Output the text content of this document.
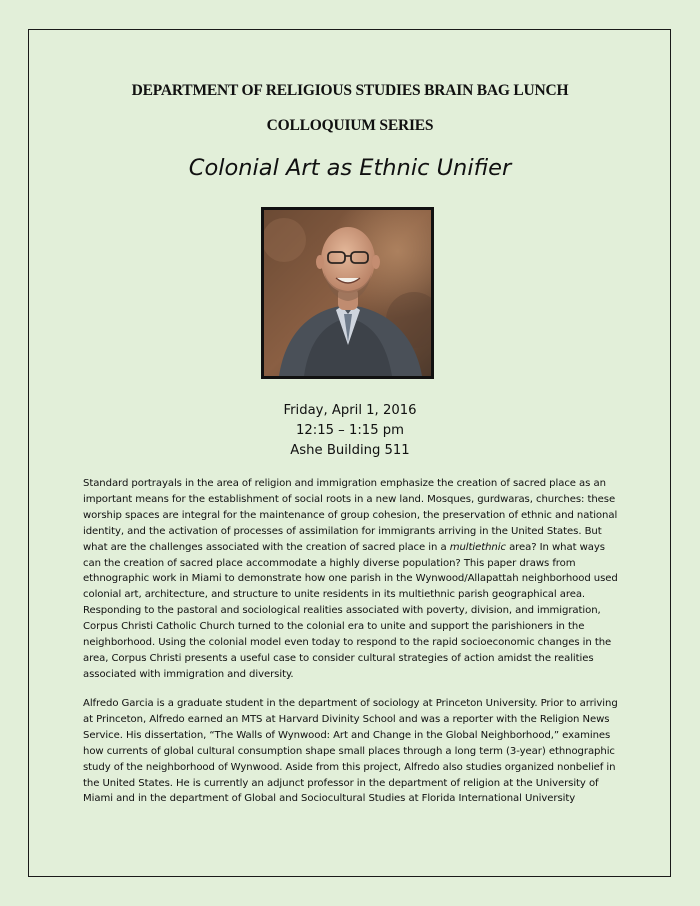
DEPARTMENT OF RELIGIOUS STUDIES BRAIN BAG LUNCH
COLLOQUIUM SERIES
Colonial Art as Ethnic Unifier
Friday, April 1, 2016
12:15 – 1:15 pm
Ashe Building 511

Standard portrayals in the area of religion and immigration emphasize the creation of sacred place as an important means for the establishment of social roots in a new land. Mosques, gurdwaras, churches: these worship spaces are integral for the maintenance of group cohesion, the preservation of ethnic and national identity, and the activation of processes of assimilation for immigrants arriving in the United States. But what are the challenges associated with the creation of sacred place in a multiethnic area? In what ways can the creation of sacred place accommodate a highly diverse population? This paper draws from ethnographic work in Miami to demonstrate how one parish in the Wynwood/Allapattah neighborhood used colonial art, architecture, and structure to unite residents in its multiethnic parish geographical area. Responding to the pastoral and sociological realities associated with poverty, division, and immigration, Corpus Christi Catholic Church turned to the colonial era to unite and support the parishioners in the neighborhood. Using the colonial model even today to respond to the rapid socioeconomic changes in the area, Corpus Christi presents a useful case to consider cultural strategies of action amidst the realities associated with immigration and diversity.

Alfredo Garcia is a graduate student in the department of sociology at Princeton University. Prior to arriving at Princeton, Alfredo earned an MTS at Harvard Divinity School and was a reporter with the Religion News Service. His dissertation, “The Walls of Wynwood: Art and Change in the Global Neighborhood,” examines how currents of global cultural consumption shape small places through a long term (3-year) ethnographic study of the neighborhood of Wynwood. Aside from this project, Alfredo also studies organized nonbelief in the United States. He is currently an adjunct professor in the department of religion at the University of Miami and in the department of Global and Sociocultural Studies at Florida International University
